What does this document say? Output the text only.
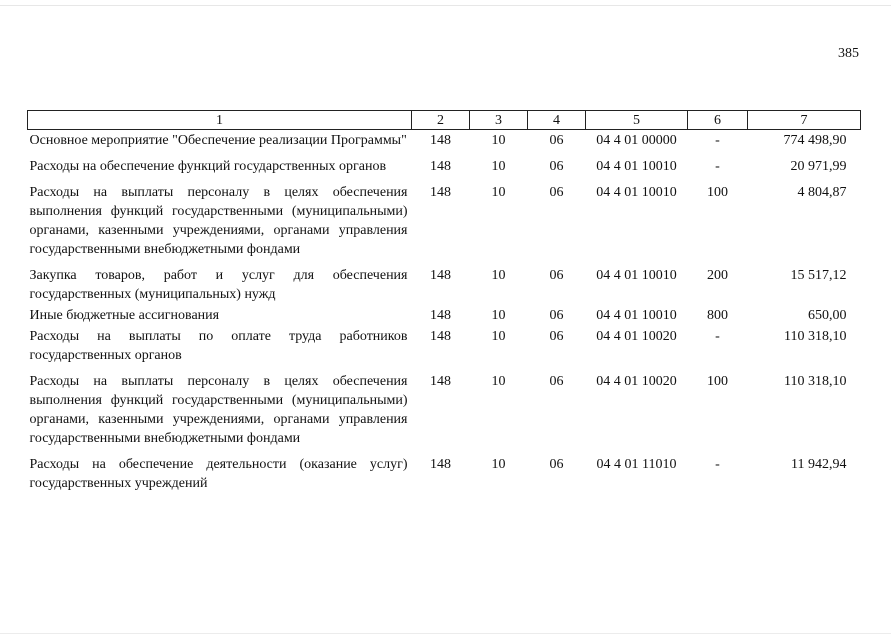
385
1	2	3	4	5	6	7
Основное мероприятие "Обеспечение реализации Программы"	148	10	06	04 4 01 00000	-	774 498,90
Расходы на обеспечение функций государственных органов	148	10	06	04 4 01 10010	-	20 971,99
Расходы на выплаты персоналу в целях обеспечения выполнения функций государственными (муниципальными) органами, казенными учреждениями, органами управления государственными внебюджетными фондами	148	10	06	04 4 01 10010	100	4 804,87
Закупка товаров, работ и услуг для обеспечения государственных (муниципальных) нужд	148	10	06	04 4 01 10010	200	15 517,12
Иные бюджетные ассигнования	148	10	06	04 4 01 10010	800	650,00
Расходы на выплаты по оплате труда работников государственных органов	148	10	06	04 4 01 10020	-	110 318,10
Расходы на выплаты персоналу в целях обеспечения выполнения функций государственными (муниципальными) органами, казенными учреждениями, органами управления государственными внебюджетными фондами	148	10	06	04 4 01 10020	100	110 318,10
Расходы на обеспечение деятельности (оказание услуг) государственных учреждений	148	10	06	04 4 01 11010	-	11 942,94
